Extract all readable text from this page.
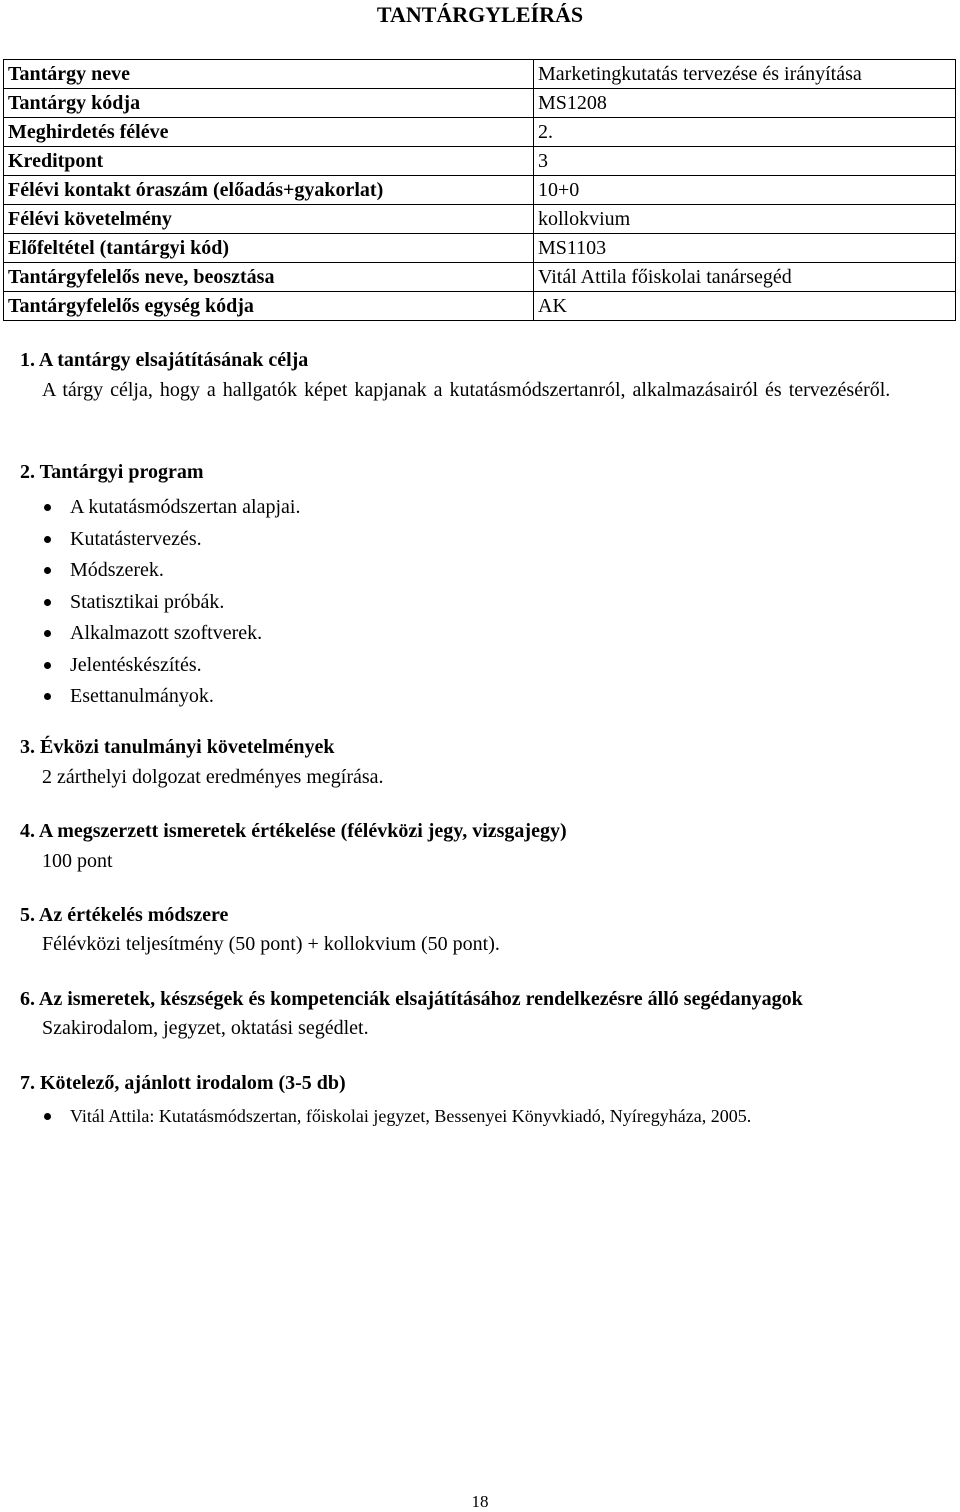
TANTÁRGYLEÍRÁS
Tantárgy neve	Marketingkutatás tervezése és irányítása
Tantárgy kódja	MS1208
Meghirdetés féléve	2.
Kreditpont	3
Félévi kontakt óraszám (előadás+gyakorlat)	10+0
Félévi követelmény	kollokvium
Előfeltétel (tantárgyi kód)	MS1103
Tantárgyfelelős neve, beosztása	Vitál Attila főiskolai tanársegéd
Tantárgyfelelős egység kódja	AK
1. A tantárgy elsajátításának célja
A tárgy célja, hogy a hallgatók képet kapjanak a kutatásmódszertanról, alkalmazásairól és tervezéséről.
2. Tantárgyi program
A kutatásmódszertan alapjai.
Kutatástervezés.
Módszerek.
Statisztikai próbák.
Alkalmazott szoftverek.
Jelentéskészítés.
Esettanulmányok.
3. Évközi tanulmányi követelmények
2 zárthelyi dolgozat eredményes megírása.
4. A megszerzett ismeretek értékelése (félévközi jegy, vizsgajegy)
100 pont
5. Az értékelés módszere
Félévközi teljesítmény (50 pont) + kollokvium (50 pont).
6. Az ismeretek, készségek és kompetenciák elsajátításához rendelkezésre álló segédanyagok
Szakirodalom, jegyzet, oktatási segédlet.
7. Kötelező, ajánlott irodalom (3-5 db)
Vitál Attila: Kutatásmódszertan, főiskolai jegyzet, Bessenyei Könyvkiadó, Nyíregyháza, 2005.
18
